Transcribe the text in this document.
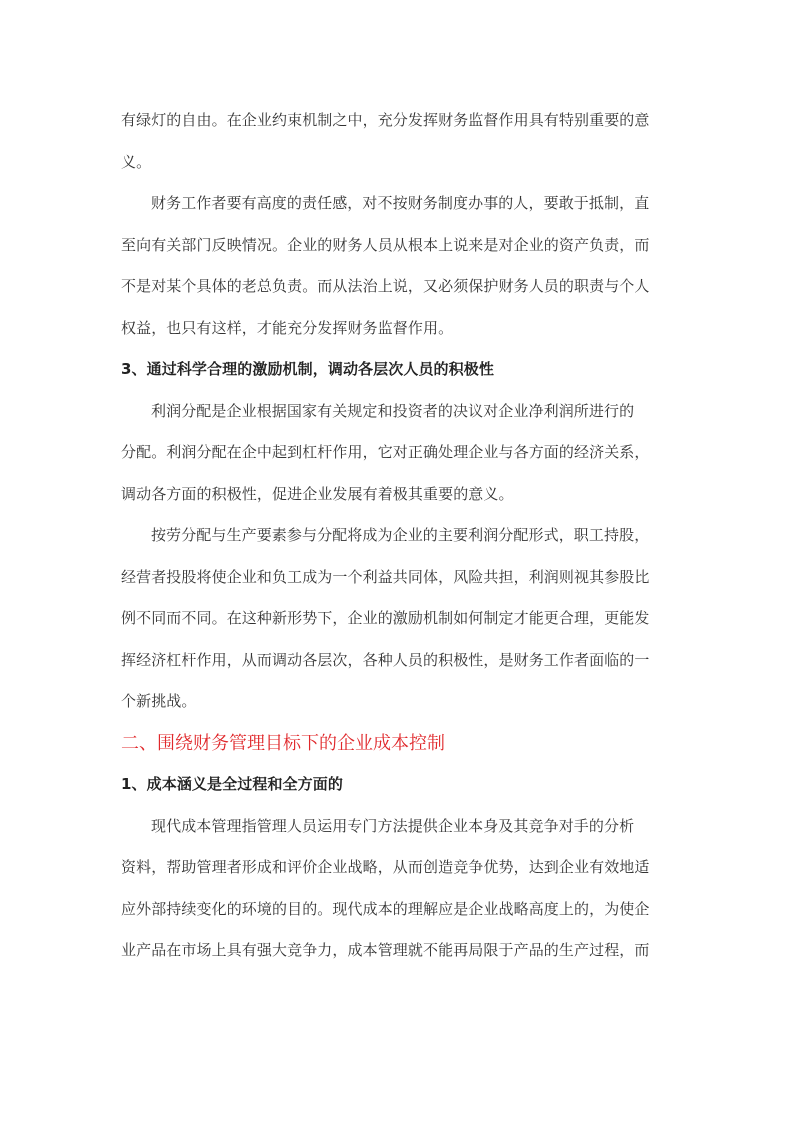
有绿灯的自由。在企业约束机制之中，充分发挥财务监督作用具有特别重要的意
义。
财务工作者要有高度的责任感，对不按财务制度办事的人，要敢于抵制，直
至向有关部门反映情况。企业的财务人员从根本上说来是对企业的资产负责，而
不是对某个具体的老总负责。而从法治上说，又必须保护财务人员的职责与个人
权益，也只有这样，才能充分发挥财务监督作用。
3、通过科学合理的激励机制，调动各层次人员的积极性
利润分配是企业根据国家有关规定和投资者的决议对企业净利润所进行的
分配。利润分配在企中起到杠杆作用，它对正确处理企业与各方面的经济关系，
调动各方面的积极性，促进企业发展有着极其重要的意义。
按劳分配与生产要素参与分配将成为企业的主要利润分配形式，职工持股，
经营者投股将使企业和负工成为一个利益共同体，风险共担，利润则视其参股比
例不同而不同。在这种新形势下，企业的激励机制如何制定才能更合理，更能发
挥经济杠杆作用，从而调动各层次，各种人员的积极性，是财务工作者面临的一
个新挑战。
二、围绕财务管理目标下的企业成本控制
1、成本涵义是全过程和全方面的
现代成本管理指管理人员运用专门方法提供企业本身及其竞争对手的分析
资料，帮助管理者形成和评价企业战略，从而创造竞争优势，达到企业有效地适
应外部持续变化的环境的目的。现代成本的理解应是企业战略高度上的，为使企
业产品在市场上具有强大竞争力，成本管理就不能再局限于产品的生产过程，而
